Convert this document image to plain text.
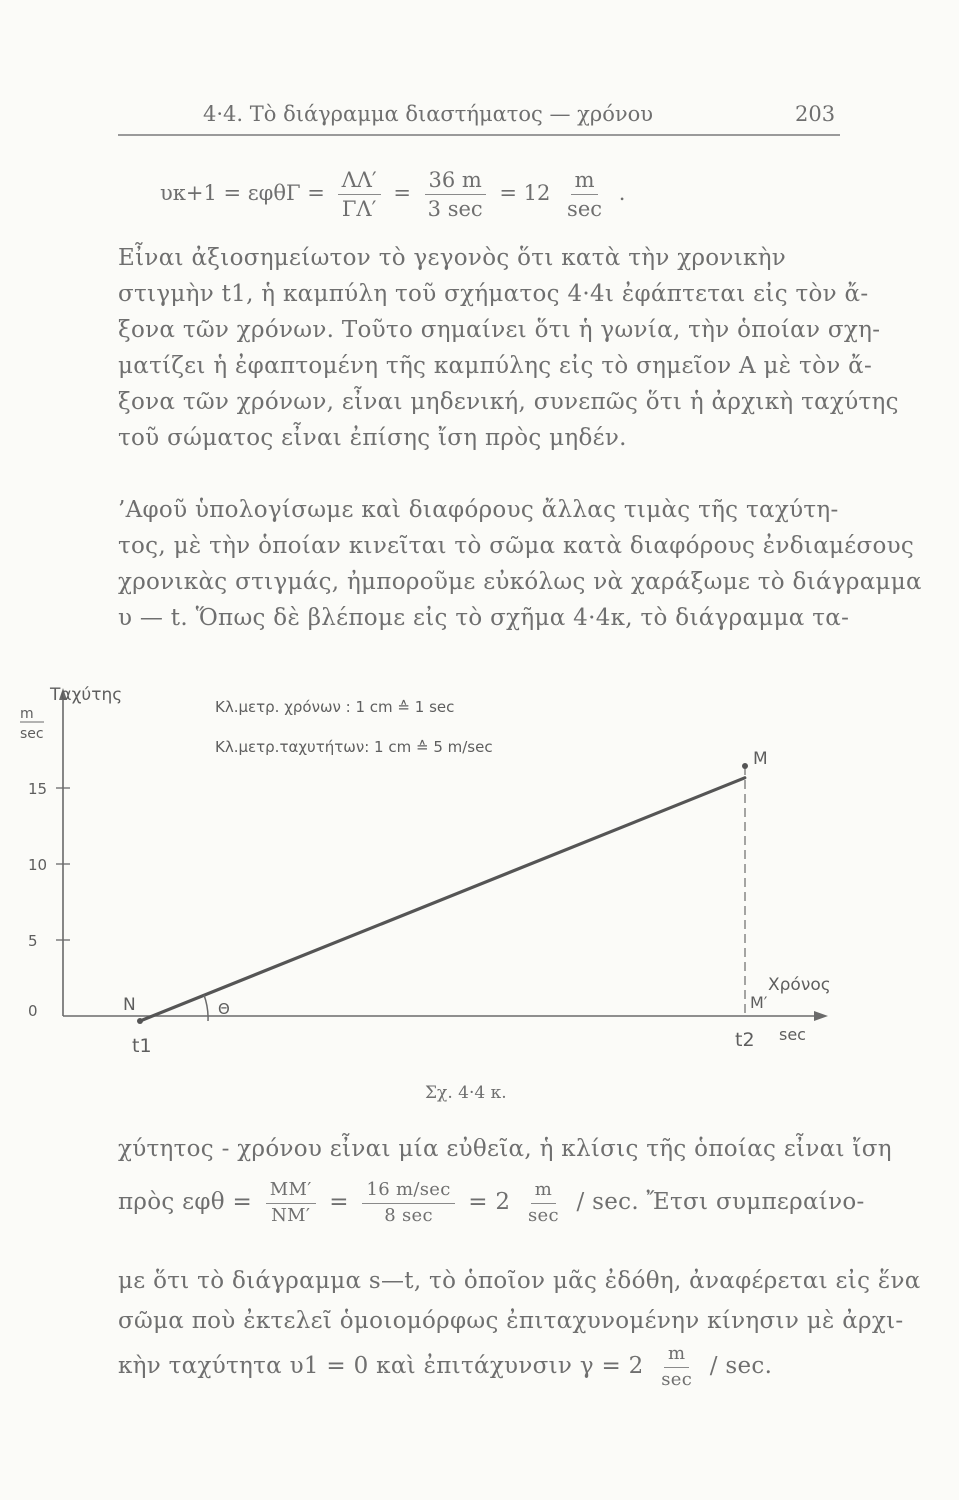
4·4. Τὸ διάγραμμα διαστήματος — χρόνου	203
$\upsilon\kappa+1 = \varepsilon\varphi\theta\Gamma = \frac{\Lambda\Lambda'}{\Gamma\Lambda'} = \frac{36 m}{3 \sec} = 12 \frac{m}{\sec}$ .

Εἶναι ἀξιοσημείωτον τὸ γεγονὸς ὅτι κατὰ τὴν χρονικὴν

στιγμὴν t1, ἡ καμπύλη τοῦ σχήματος 4·4ι ἐφάπτεται εἰς τὸν ἄ-

ξονα τῶν χρόνων. Τοῦτο σημαίνει ὅτι ἡ γωνία, τὴν ὁποίαν σχη-

ματίζει ἡ ἐφαπτομένη τῆς καμπύλης εἰς τὸ σημεῖον Α μὲ τὸν ἄ-

ξονα τῶν χρόνων, εἶναι μηδενική, συνεπῶς ὅτι ἡ ἀρχικὴ ταχύτης

τοῦ σώματος εἶναι ἐπίσης ἴση πρὸς μηδέν.

’Αφοῦ ὑπολογίσωμε καὶ διαφόρους ἄλλας τιμὰς τῆς ταχύτη-

τος, μὲ τὴν ὁποίαν κινεῖται τὸ σῶμα κατὰ διαφόρους ἐνδιαμέσους

χρονικὰς στιγμάς, ἠμποροῦμε εὐκόλως νὰ χαράξωμε τὸ διάγραμμα

υ — t. Ὅπως δὲ βλέπομε εἰς τὸ σχῆμα 4·4κ, τὸ διάγραμμα τα-

Ταχύτης
m
sec
Κλ.μετρ. χρόνων : 1 cm ≙ 1 sec
Κλ.μετρ.ταχυτήτων: 1 cm ≙ 5 m/sec
15
10
5
0	N
M
M′
Θ
t1	t2 sec
Χρόνος
Σχ. 4·4 κ.
χύτητος - χρόνου εἶναι μία εὐθεῖα, ἡ κλίσις τῆς ὁποίας εἶναι ἴση
πρὸς $\varepsilon\varphi\theta = \frac{MM'}{NM'} = \frac{16 m/\sec}{8 \sec} = 2 \frac{m}{\sec} / \sec$. Ἔτσι συμπεραίνο-
με ὅτι τὸ διάγραμμα s—t, τὸ ὁποῖον μᾶς ἐδόθη, ἀναφέρεται εἰς ἕνα
σῶμα ποὺ ἐκτελεῖ ὁμοιομόρφως ἐπιταχυνομένην κίνησιν μὲ ἀρχι-
κὴν ταχύτητα υ1 = 0 καὶ ἐπιτάχυνσιν $\gamma = 2 \frac{m}{\sec} / \sec$.
